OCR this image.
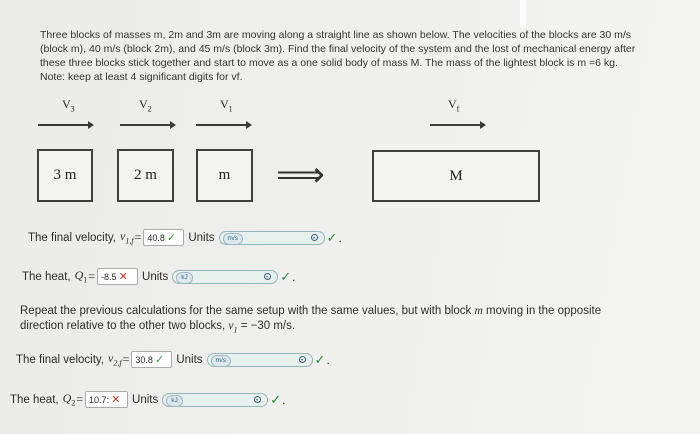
Three blocks of masses m, 2m and 3m are moving along a straight line as shown below. The velocities of the blocks are 30 m/s (block m), 40 m/s (block 2m), and 45 m/s (block 3m). Find the final velocity of the system and the lost of mechanical energy after these three blocks stick together and start to move as a one solid body of mass M. The mass of the lightest block is m =6 kg. Note: keep at least 4 significant digits for vf.
$V_3$	$V_2$	$V_1$	$V_f$
3 m	2 m	m ⟹	M
The final velocity, $v_{1,f} = 40.8$ ✓ Units	m/s	✓ .
The heat, $Q_1 = -8.5$ ✕ Units	kJ	✓ .
Repeat the previous calculations for the same setup with the same values, but with block m moving in the opposite direction relative to the other two blocks, $v_1 = -30$ m/s.
The final velocity, $v_{2,f} = 30.8$ ✓ Units	m/s	✓ .
The heat, $Q_2 = 10.7$: ✕ Units	kJ	✓ .
